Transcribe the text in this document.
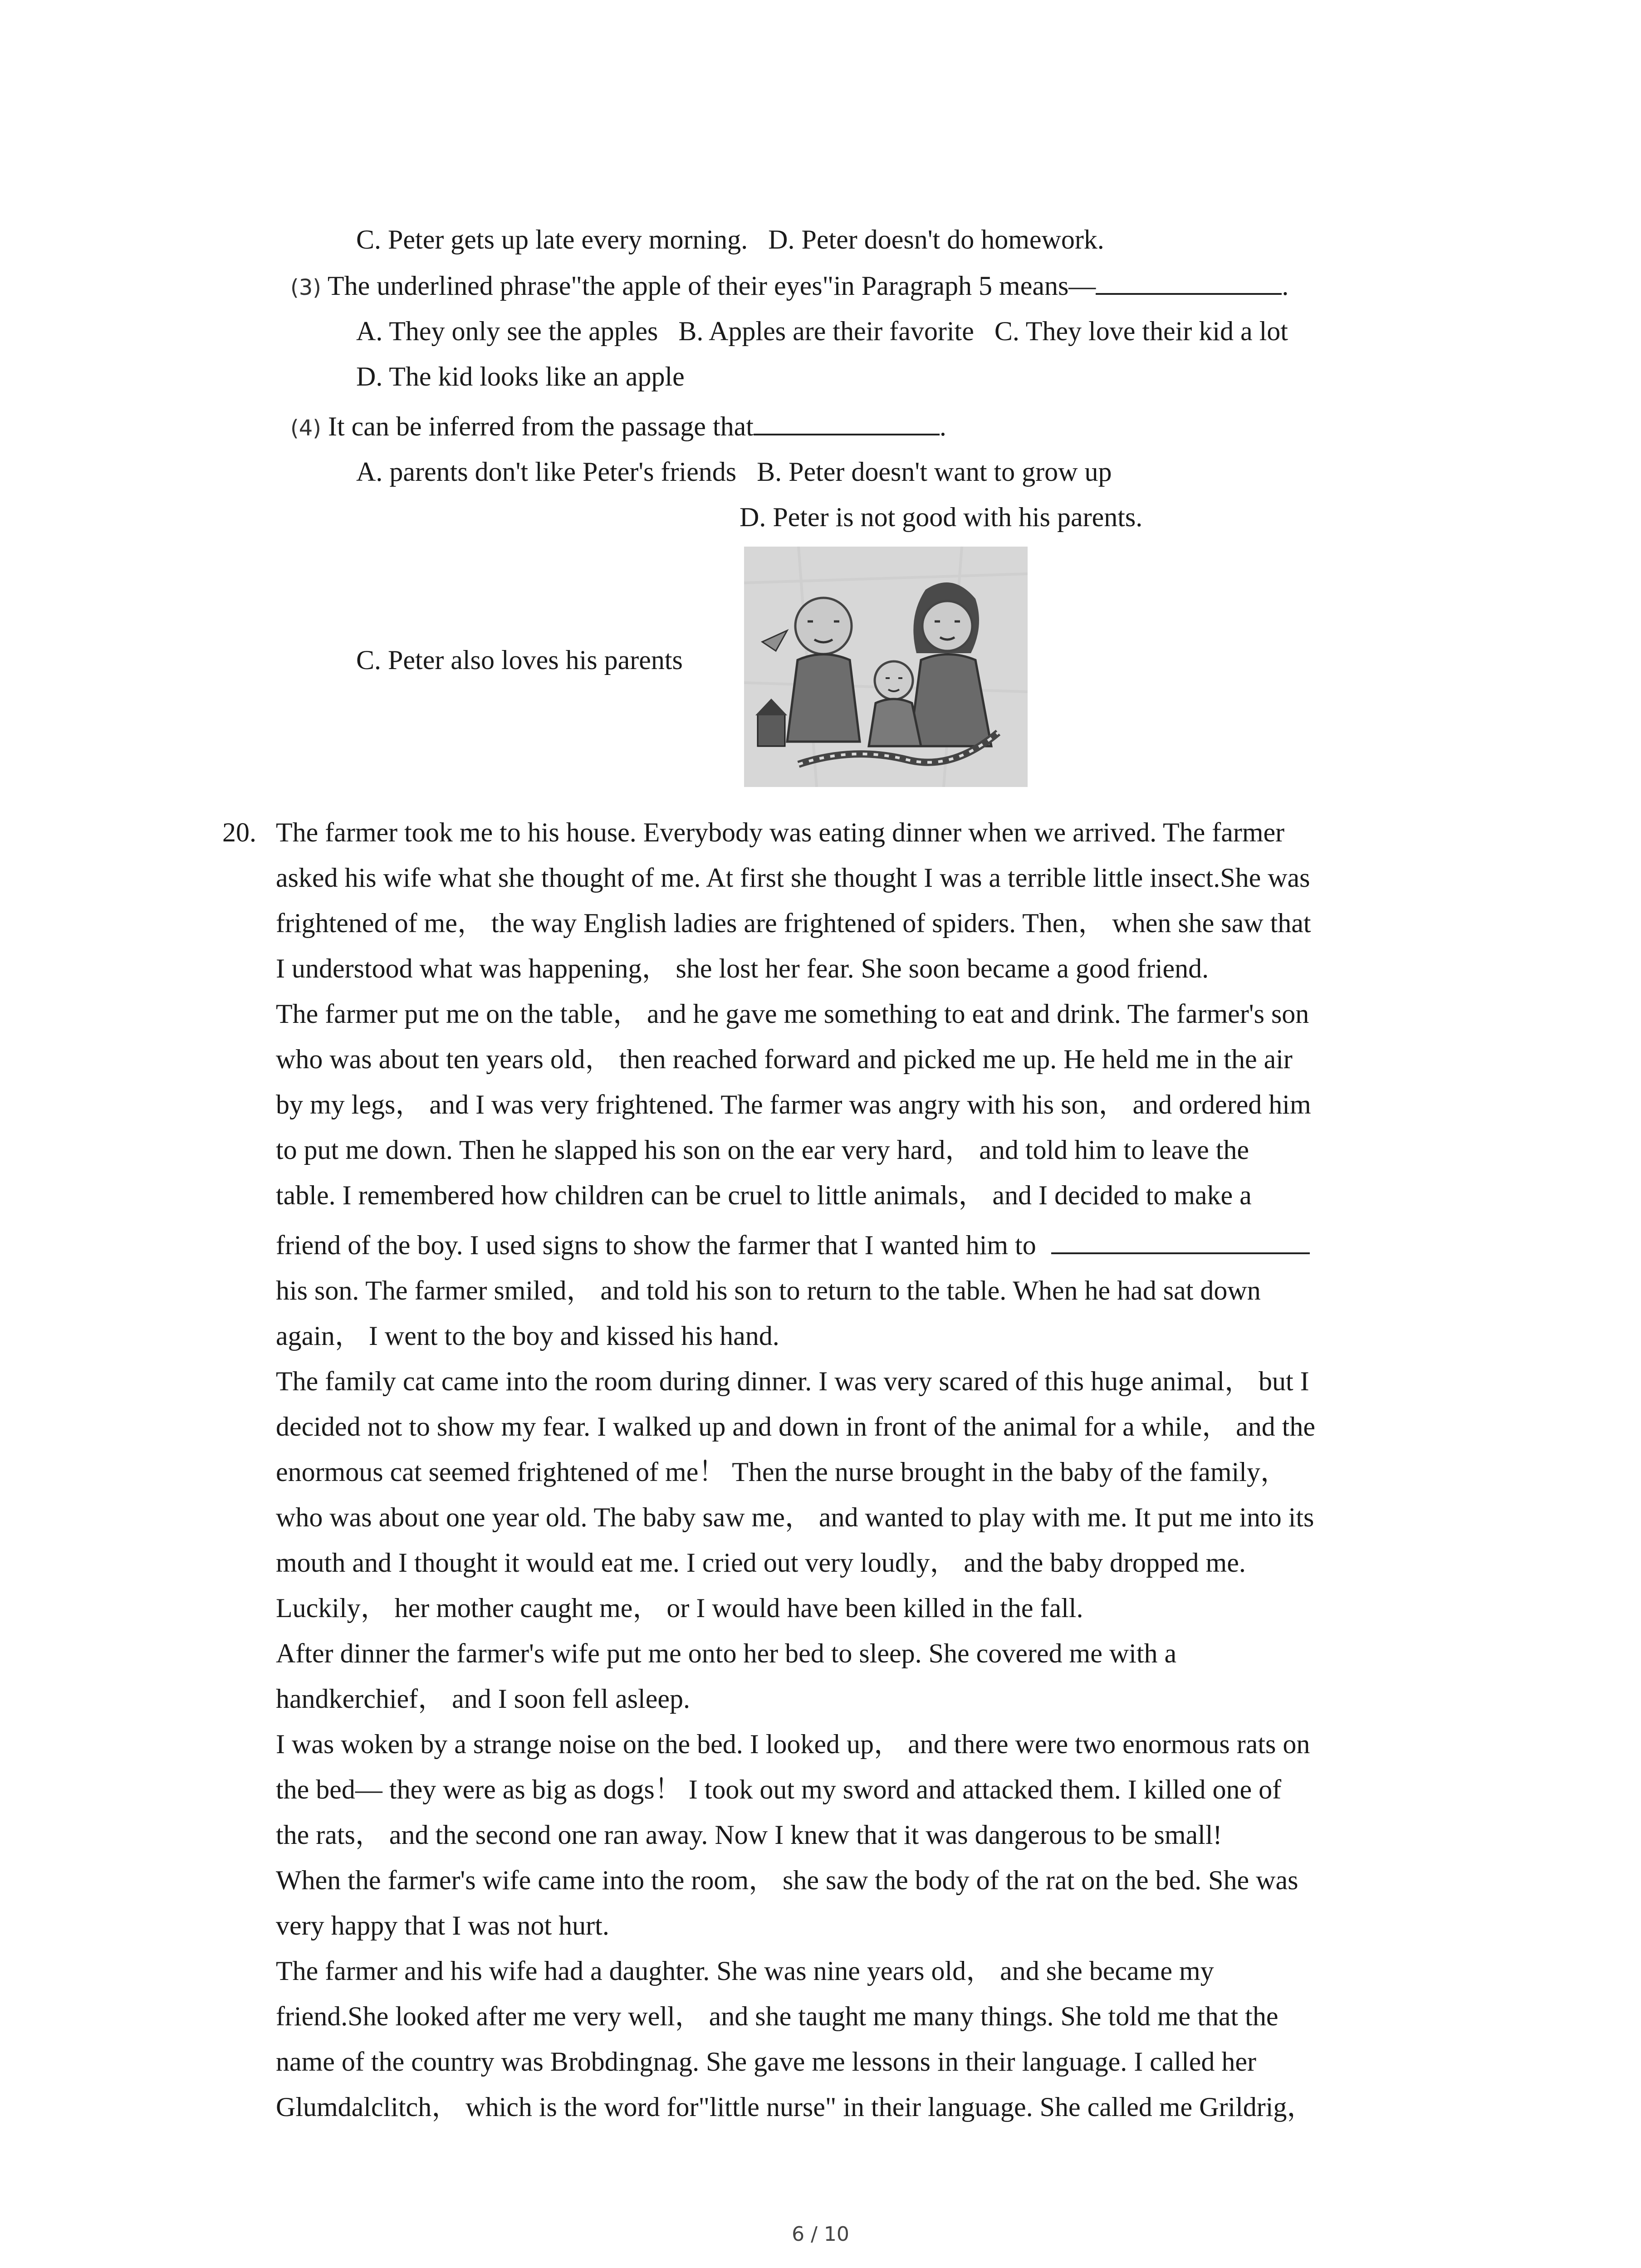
C. Peter gets up late every morning. D. Peter doesn't do homework.
(3) The underlined phrase"the apple of their eyes"in Paragraph 5 means—	.
A. They only see the apples B. Apples are their favorite C. They love their kid a lot
D. The kid looks like an apple
(4) It can be inferred from the passage that	.
A. parents don't like Peter's friends B. Peter doesn't want to grow up
D. Peter is not good with his parents.
C. Peter also loves his parents
20. The farmer took me to his house. Everybody was eating dinner when we arrived. The farmer
asked his wife what she thought of me. At first she thought I was a terrible little insect.She was
frightened of me， the way English ladies are frightened of spiders. Then， when she saw that
I understood what was happening， she lost her fear. She soon became a good friend.
The farmer put me on the table， and he gave me something to eat and drink. The farmer's son
who was about ten years old， then reached forward and picked me up. He held me in the air
by my legs， and I was very frightened. The farmer was angry with his son， and ordered him
to put me down. Then he slapped his son on the ear very hard， and told him to leave the
table. I remembered how children can be cruel to little animals， and I decided to make a
friend of the boy. I used signs to show the farmer that I wanted him to
his son. The farmer smiled， and told his son to return to the table. When he had sat down
again， I went to the boy and kissed his hand.
The family cat came into the room during dinner. I was very scared of this huge animal， but I
decided not to show my fear. I walked up and down in front of the animal for a while， and the
enormous cat seemed frightened of me！ Then the nurse brought in the baby of the family，
who was about one year old. The baby saw me， and wanted to play with me. It put me into its
mouth and I thought it would eat me. I cried out very loudly， and the baby dropped me.
Luckily， her mother caught me， or I would have been killed in the fall.
After dinner the farmer's wife put me onto her bed to sleep. She covered me with a
handkerchief， and I soon fell asleep.
I was woken by a strange noise on the bed. I looked up， and there were two enormous rats on
the bed— they were as big as dogs！ I took out my sword and attacked them. I killed one of
the rats， and the second one ran away. Now I knew that it was dangerous to be small!
When the farmer's wife came into the room， she saw the body of the rat on the bed. She was
very happy that I was not hurt.
The farmer and his wife had a daughter. She was nine years old， and she became my
friend.She looked after me very well， and she taught me many things. She told me that the
name of the country was Brobdingnag. She gave me lessons in their language. I called her
Glumdalclitch， which is the word for"little nurse" in their language. She called me Grildrig，
6 / 10
